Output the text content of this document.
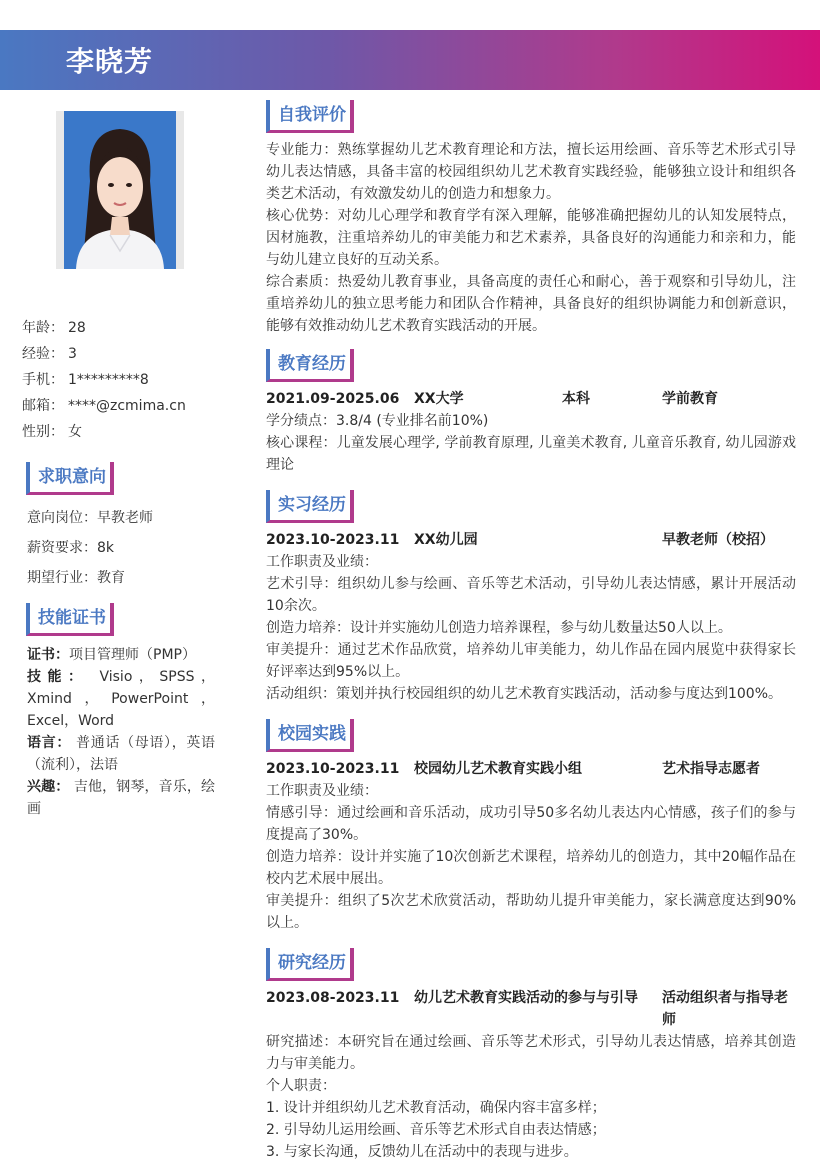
李晓芳
年龄： 28
经验： 3
手机： 1*********8
邮箱： ****@zcmima.cn
性别： 女
求职意向
意向岗位：早教老师
薪资要求：8k
期望行业：教育
技能证书
证书：项目管理师（PMP）
技能： Visio，SPSS，Xmind，PowerPoint，Excel，Word
语言： 普通话（母语），英语（流利），法语
兴趣： 吉他，钢琴，音乐，绘画
自我评价
专业能力：熟练掌握幼儿艺术教育理论和方法，擅长运用绘画、音乐等艺术形式引导幼儿表达情感，具备丰富的校园组织幼儿艺术教育实践经验，能够独立设计和组织各类艺术活动，有效激发幼儿的创造力和想象力。
核心优势：对幼儿心理学和教育学有深入理解，能够准确把握幼儿的认知发展特点，因材施教，注重培养幼儿的审美能力和艺术素养，具备良好的沟通能力和亲和力，能与幼儿建立良好的互动关系。
综合素质：热爱幼儿教育事业，具备高度的责任心和耐心，善于观察和引导幼儿，注重培养幼儿的独立思考能力和团队合作精神，具备良好的组织协调能力和创新意识，能够有效推动幼儿艺术教育实践活动的开展。
教育经历
2021.09-2025.06 XX大学	本科	学前教育
学分绩点：3.8/4 (专业排名前10%)
核心课程：儿童发展心理学, 学前教育原理, 儿童美术教育, 儿童音乐教育, 幼儿园游戏理论
实习经历
2023.10-2023.11 XX幼儿园	早教老师（校招）
工作职责及业绩：
艺术引导：组织幼儿参与绘画、音乐等艺术活动，引导幼儿表达情感，累计开展活动10余次。
创造力培养：设计并实施幼儿创造力培养课程，参与幼儿数量达50人以上。
审美提升：通过艺术作品欣赏，培养幼儿审美能力，幼儿作品在园内展览中获得家长好评率达到95%以上。
活动组织：策划并执行校园组织的幼儿艺术教育实践活动，活动参与度达到100%。
校园实践
2023.10-2023.11 校园幼儿艺术教育实践小组	艺术指导志愿者
工作职责及业绩：
情感引导：通过绘画和音乐活动，成功引导50多名幼儿表达内心情感，孩子们的参与度提高了30%。
创造力培养：设计并实施了10次创新艺术课程，培养幼儿的创造力，其中20幅作品在校内艺术展中展出。
审美提升：组织了5次艺术欣赏活动，帮助幼儿提升审美能力，家长满意度达到90%以上。
研究经历
2023.08-2023.11 幼儿艺术教育实践活动的参与与引导 活动组织者与指导老师
研究描述：本研究旨在通过绘画、音乐等艺术形式，引导幼儿表达情感，培养其创造力与审美能力。
个人职责：
1. 设计并组织幼儿艺术教育活动，确保内容丰富多样；
2. 引导幼儿运用绘画、音乐等艺术形式自由表达情感；
3. 与家长沟通，反馈幼儿在活动中的表现与进步。
